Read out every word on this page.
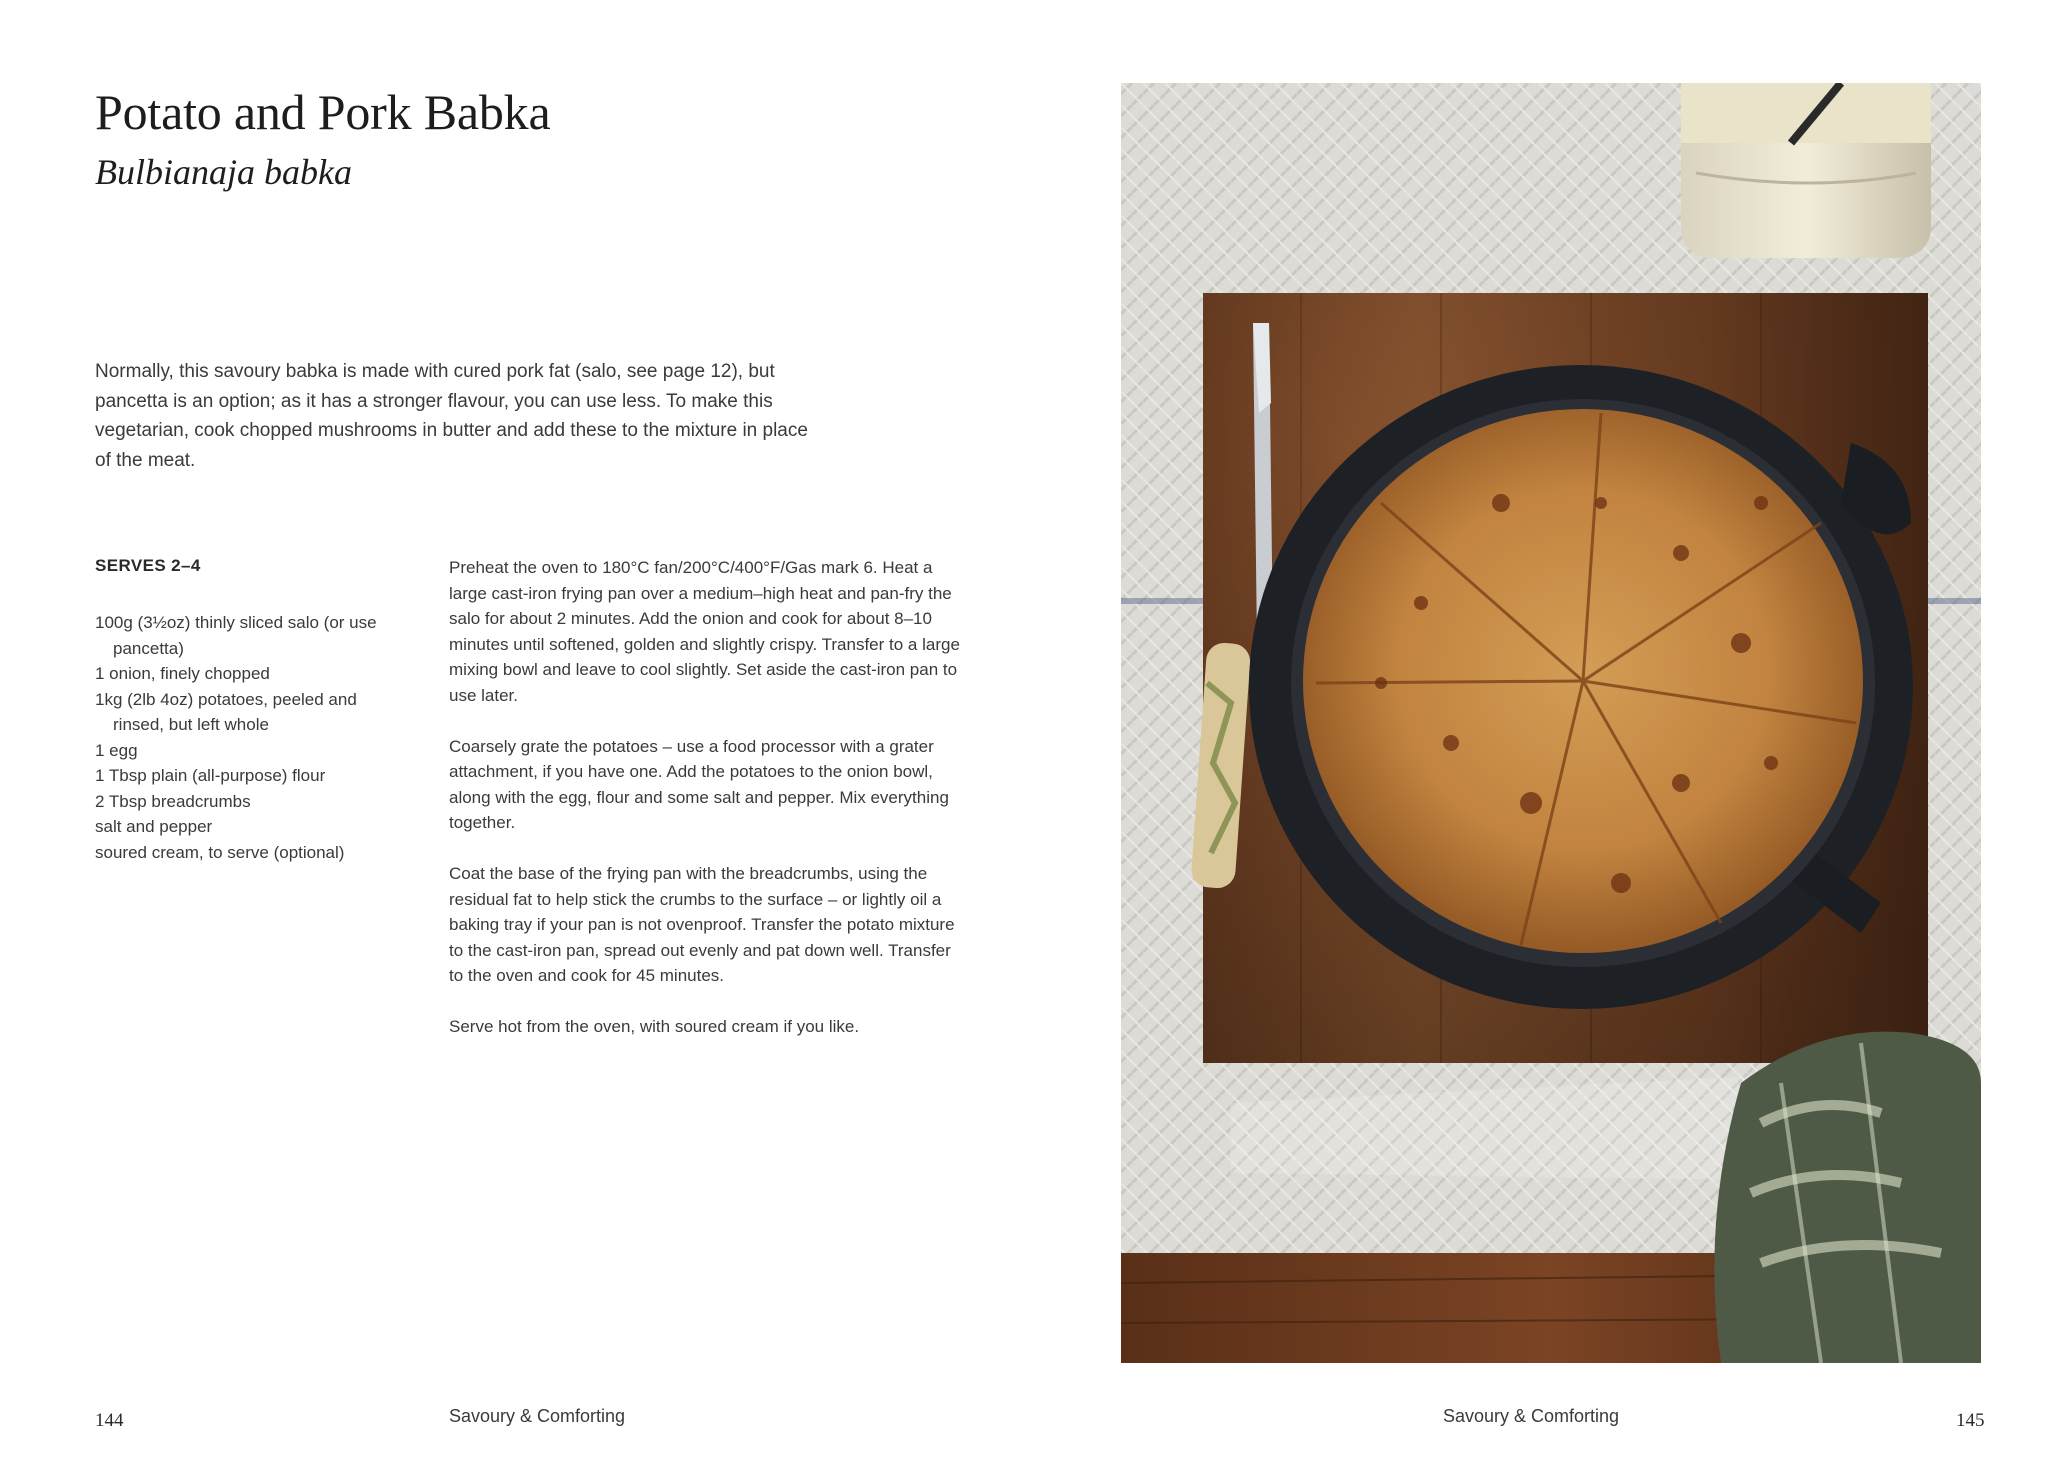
Potato and Pork Babka
Bulbianaja babka

Normally, this savoury babka is made with cured pork fat (salo, see page 12), but pancetta is an option; as it has a stronger flavour, you can use less. To make this vegetarian, cook chopped mushrooms in butter and add these to the mixture in place of the meat.

SERVES 2–4

100g (3½oz) thinly sliced salo (or use pancetta)
1 onion, finely chopped
1kg (2lb 4oz) potatoes, peeled and rinsed, but left whole
1 egg
1 Tbsp plain (all-purpose) flour
2 Tbsp breadcrumbs
salt and pepper
soured cream, to serve (optional)

Preheat the oven to 180°C fan/200°C/400°F/Gas mark 6. Heat a large cast-iron frying pan over a medium–high heat and pan-fry the salo for about 2 minutes. Add the onion and cook for about 8–10 minutes until softened, golden and slightly crispy. Transfer to a large mixing bowl and leave to cool slightly. Set aside the cast-iron pan to use later.

Coarsely grate the potatoes – use a food processor with a grater attachment, if you have one. Add the potatoes to the onion bowl, along with the egg, flour and some salt and pepper. Mix everything together.

Coat the base of the frying pan with the breadcrumbs, using the residual fat to help stick the crumbs to the surface – or lightly oil a baking tray if your pan is not ovenproof. Transfer the potato mixture to the cast-iron pan, spread out evenly and pat down well. Transfer to the oven and cook for 45 minutes.

Serve hot from the oven, with soured cream if you like.

144	Savoury & Comforting	Savoury & Comforting	145
